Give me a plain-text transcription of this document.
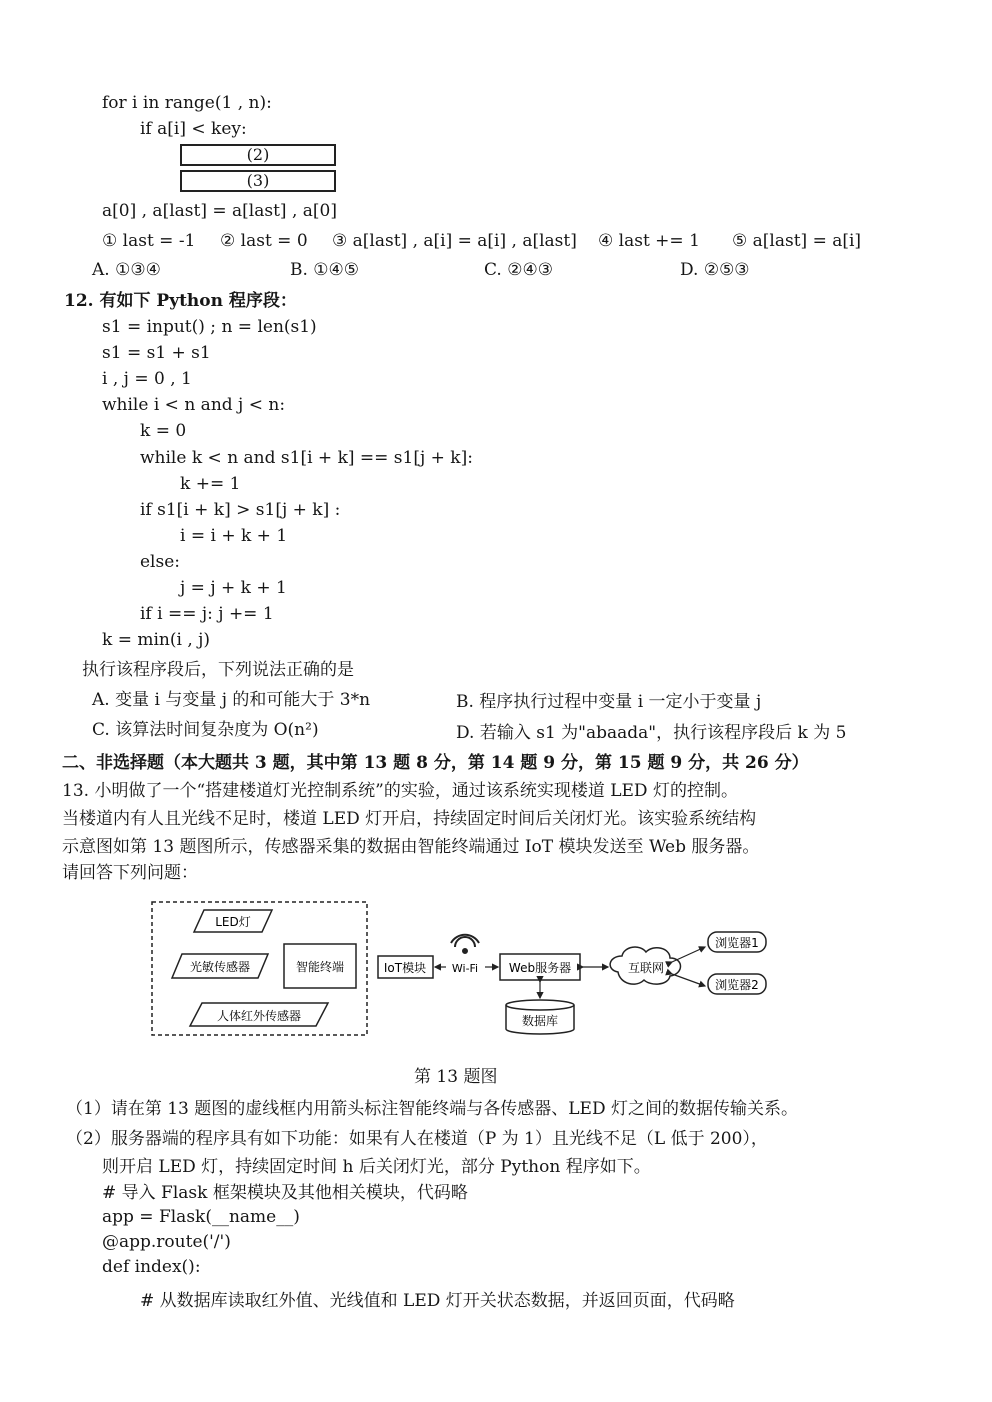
for i in range(1 , n):
if a[i] < key:
(2)
(3)
a[0] , a[last] = a[last] , a[0]
① last = -1 ② last = 0 ③ a[last] , a[i] = a[i] , a[last] ④ last += 1 ⑤ a[last] = a[i]
A. ①③④	B. ①④⑤	C. ②④③	D. ②⑤③
12. 有如下 Python 程序段：
s1 = input() ; n = len(s1)
s1 = s1 + s1
i , j = 0 , 1
while i < n and j < n:
k = 0
while k < n and s1[i + k] == s1[j + k]:
k += 1
if s1[i + k] > s1[j + k] :
i = i + k + 1
else:
j = j + k + 1
if i == j: j += 1
k = min(i , j)
执行该程序段后，下列说法正确的是
A. 变量 i 与变量 j 的和可能大于 3*n	B. 程序执行过程中变量 i 一定小于变量 j
C. 该算法时间复杂度为 O(n²)	D. 若输入 s1 为"abaada"，执行该程序段后 k 为 5
二、非选择题（本大题共 3 题，其中第 13 题 8 分，第 14 题 9 分，第 15 题 9 分，共 26 分）
13. 小明做了一个“搭建楼道灯光控制系统”的实验，通过该系统实现楼道 LED 灯的控制。
当楼道内有人且光线不足时，楼道 LED 灯开启，持续固定时间后关闭灯光。该实验系统结构
示意图如第 13 题图所示，传感器采集的数据由智能终端通过 IoT 模块发送至 Web 服务器。
请回答下列问题：
LED灯
光敏传感器
人体红外传感器
智能终端	IoT模块 Wi-Fi	Web服务器
数据库
互联网
浏览器1
浏览器2
第 13 题图
（1）请在第 13 题图的虚线框内用箭头标注智能终端与各传感器、LED 灯之间的数据传输关系。
（2）服务器端的程序具有如下功能：如果有人在楼道（P 为 1）且光线不足（L 低于 200），
则开启 LED 灯，持续固定时间 h 后关闭灯光，部分 Python 程序如下。
# 导入 Flask 框架模块及其他相关模块，代码略
app = Flask(__name__)
@app.route('/')
def index():
# 从数据库读取红外值、光线值和 LED 灯开关状态数据，并返回页面，代码略
